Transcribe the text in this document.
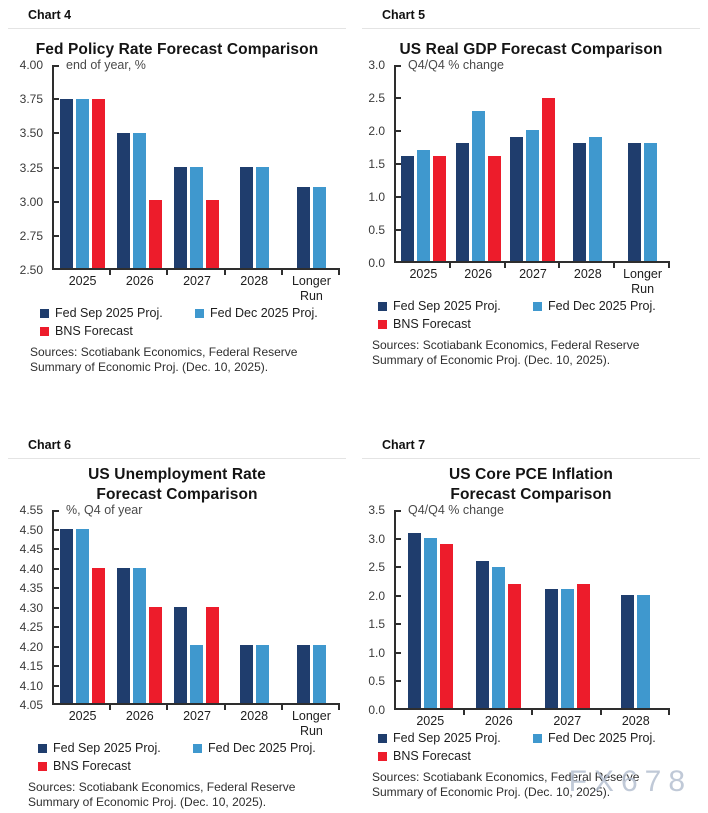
Chart 4
Fed Policy Rate Forecast Comparison
4.00
3.75
3.50
3.25
3.00
2.75
2.50
end of year, %
2025	2026	2027	2028	Longer Run
Fed Sep 2025 Proj.	Fed Dec 2025 Proj.
BNS Forecast

Sources: Scotiabank Economics, Federal Reserve Summary of Economic Proj. (Dec. 10, 2025).

Chart 5
US Real GDP Forecast Comparison
3.0
2.5
2.0
1.5
1.0
0.5
0.0
Q4/Q4 % change
2025	2026	2027	2028	Longer Run
Fed Sep 2025 Proj.	Fed Dec 2025 Proj.
BNS Forecast

Sources: Scotiabank Economics, Federal Reserve Summary of Economic Proj. (Dec. 10, 2025).

Chart 6
US Unemployment Rate
Forecast Comparison
4.55
4.50
4.45
4.40
4.35
4.30
4.25
4.20
4.15
4.10
4.05
%, Q4 of year
2025	2026	2027	2028	Longer Run
Fed Sep 2025 Proj.	Fed Dec 2025 Proj.
BNS Forecast

Sources: Scotiabank Economics, Federal Reserve Summary of Economic Proj. (Dec. 10, 2025).

Chart 7
US Core PCE Inflation
Forecast Comparison
3.5
3.0
2.5
2.0
1.5
1.0
0.5
0.0
Q4/Q4 % change
2025	2026	2027	2028
Fed Sep 2025 Proj.	Fed Dec 2025 Proj.
BNS Forecast

Sources: Scotiabank Economics, Federal Reserve Summary of Economic Proj. (Dec. 10, 2025).

FX678
